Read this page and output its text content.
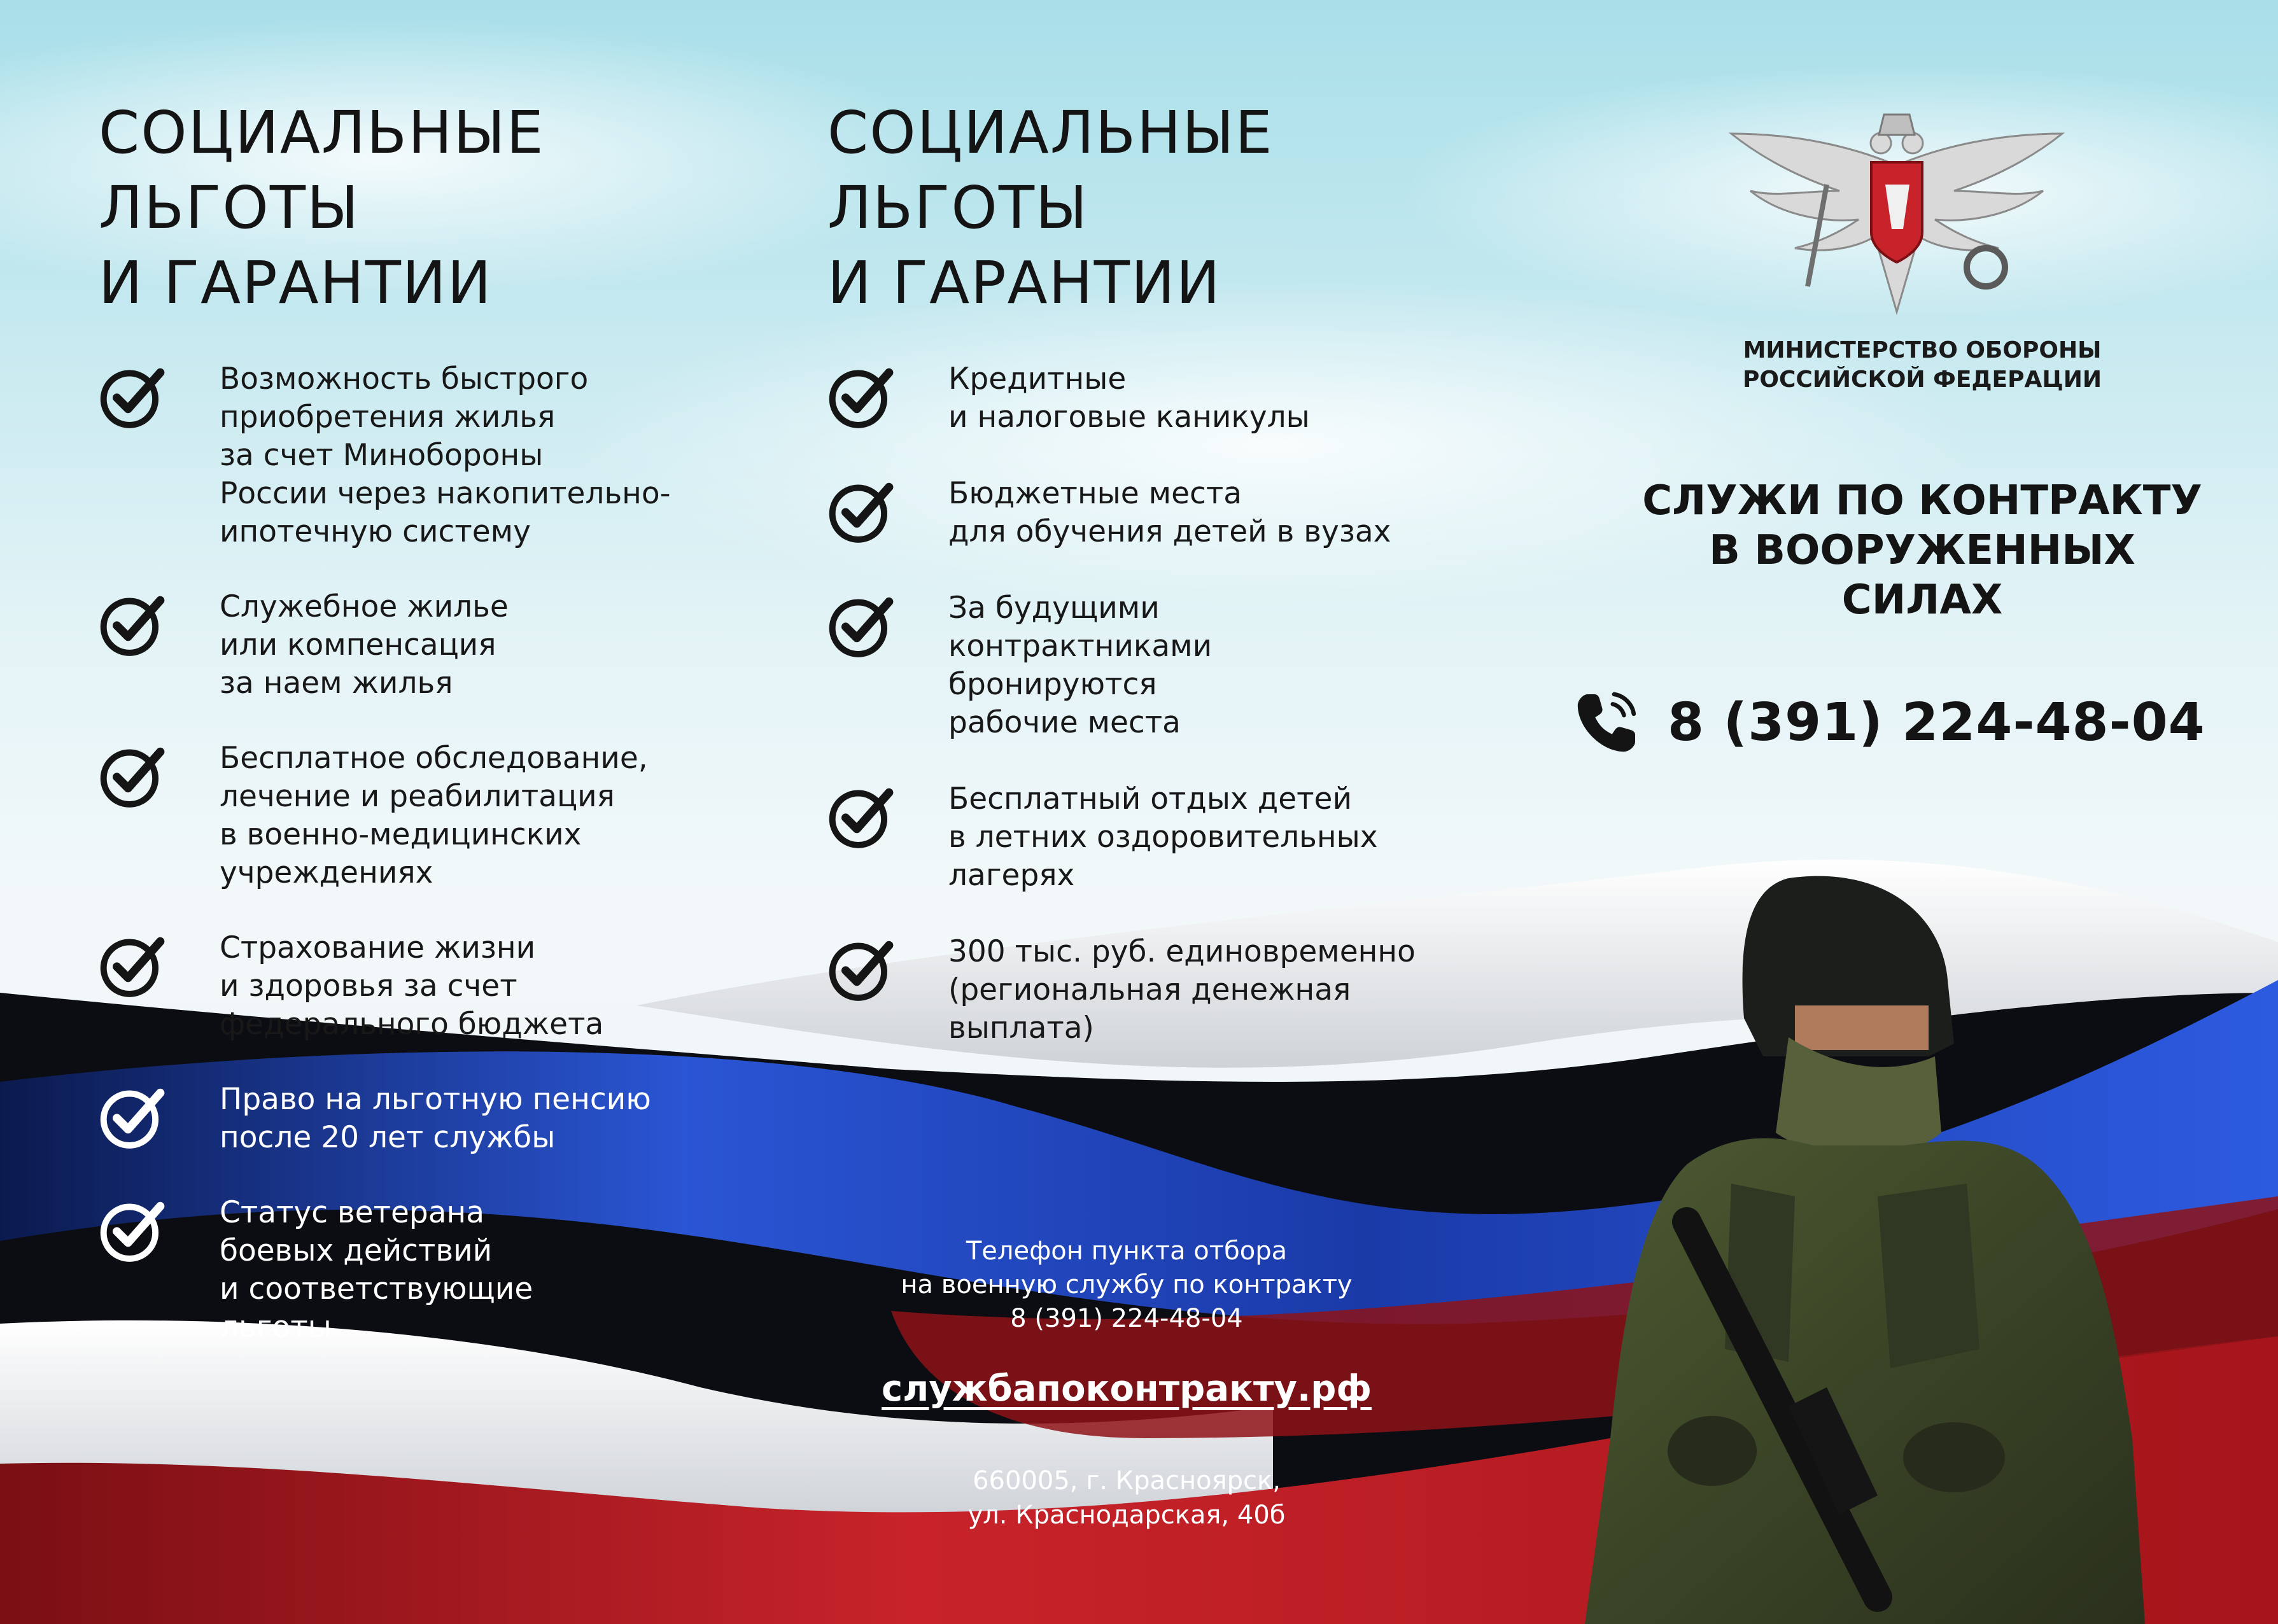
СОЦИАЛЬНЫЕ
ЛЬГОТЫ
И ГАРАНТИИ
Возможность быстрого
приобретения жилья
за счет Минобороны
России через накопительно-
ипотечную систему
Служебное жилье
или компенсация
за наем жилья
Бесплатное обследование,
лечение и реабилитация
в военно-медицинских
учреждениях
Страхование жизни
и здоровья за счет
федерального бюджета
Право на льготную пенсию
после 20 лет службы
Статус ветерана
боевых действий
и соответствующие
льготы
СОЦИАЛЬНЫЕ
ЛЬГОТЫ
И ГАРАНТИИ
Кредитные
и налоговые каникулы
Бюджетные места
для обучения детей в вузах
За будущими
контрактниками
бронируются
рабочие места
Бесплатный отдых детей
в летних оздоровительных
лагерях
300 тыс. руб. единовременно
(региональная денежная
выплата)
МИНИСТЕРСТВО ОБОРОНЫ
РОССИЙСКОЙ ФЕДЕРАЦИИ
СЛУЖИ ПО КОНТРАКТУ
В ВООРУЖЕННЫХ
СИЛАХ
8 (391) 224-48-04
Телефон пункта отбора
на военную службу по контракту
8 (391) 224-48-04
службапоконтракту.рф
660005, г. Красноярск,
ул. Краснодарская, 40б
